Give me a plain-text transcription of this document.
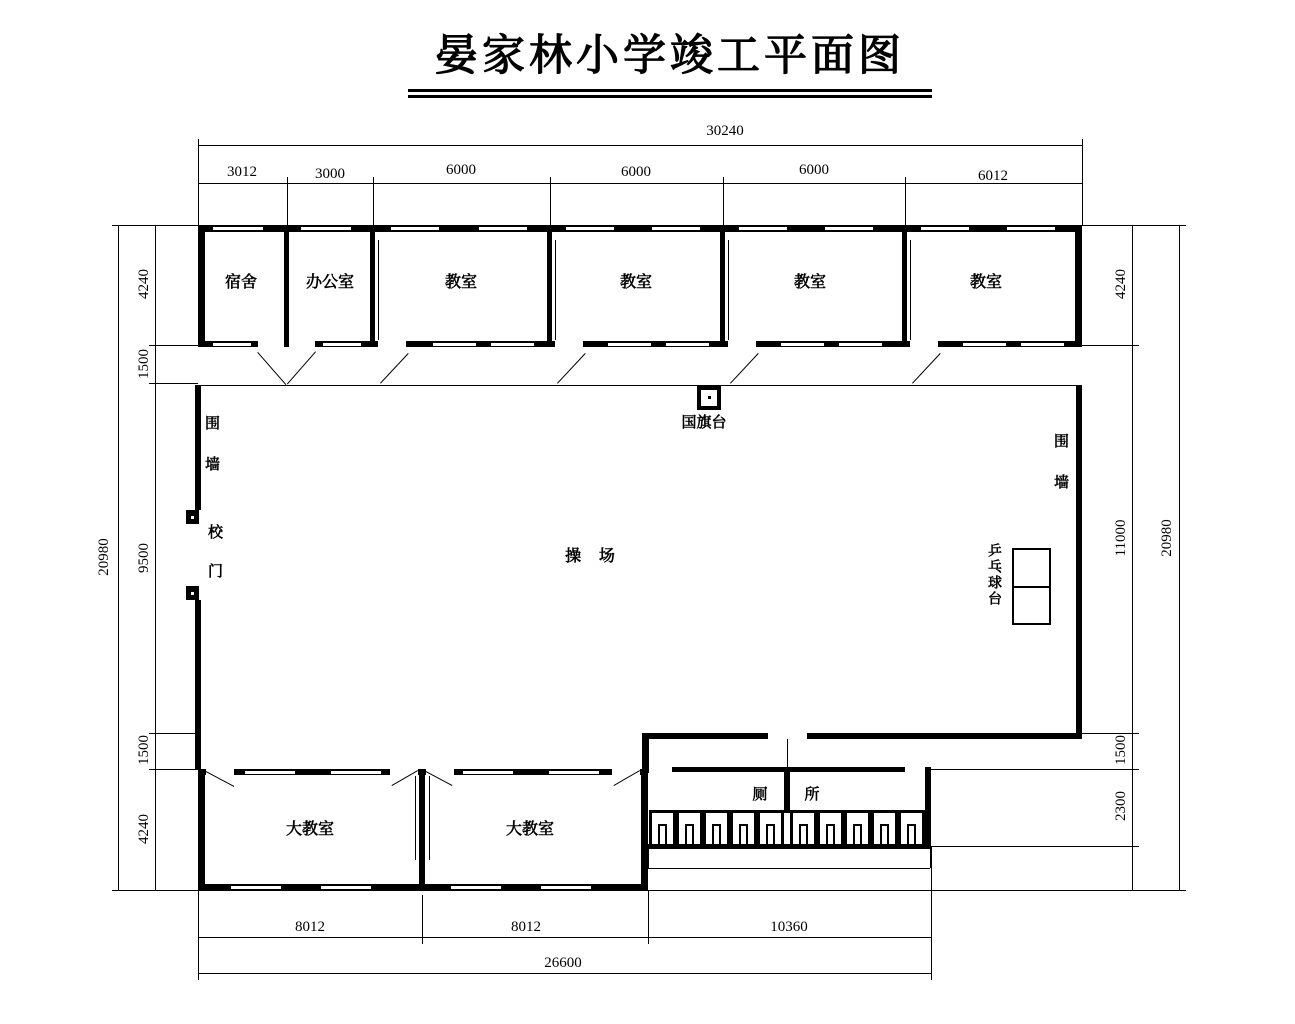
晏家林小学竣工平面图
30240
3012	3000	6000	6000	6000	6012
20980
4240
1500
9500
1500
4240
4240
11000
1500
2300
20980
8012	8012	10360
26600
宿舍	办公室	教室	教室	教室	教室
围墙
校门
围墙
国旗台
操    场	乒乓球台
大教室	大教室
厕	所
